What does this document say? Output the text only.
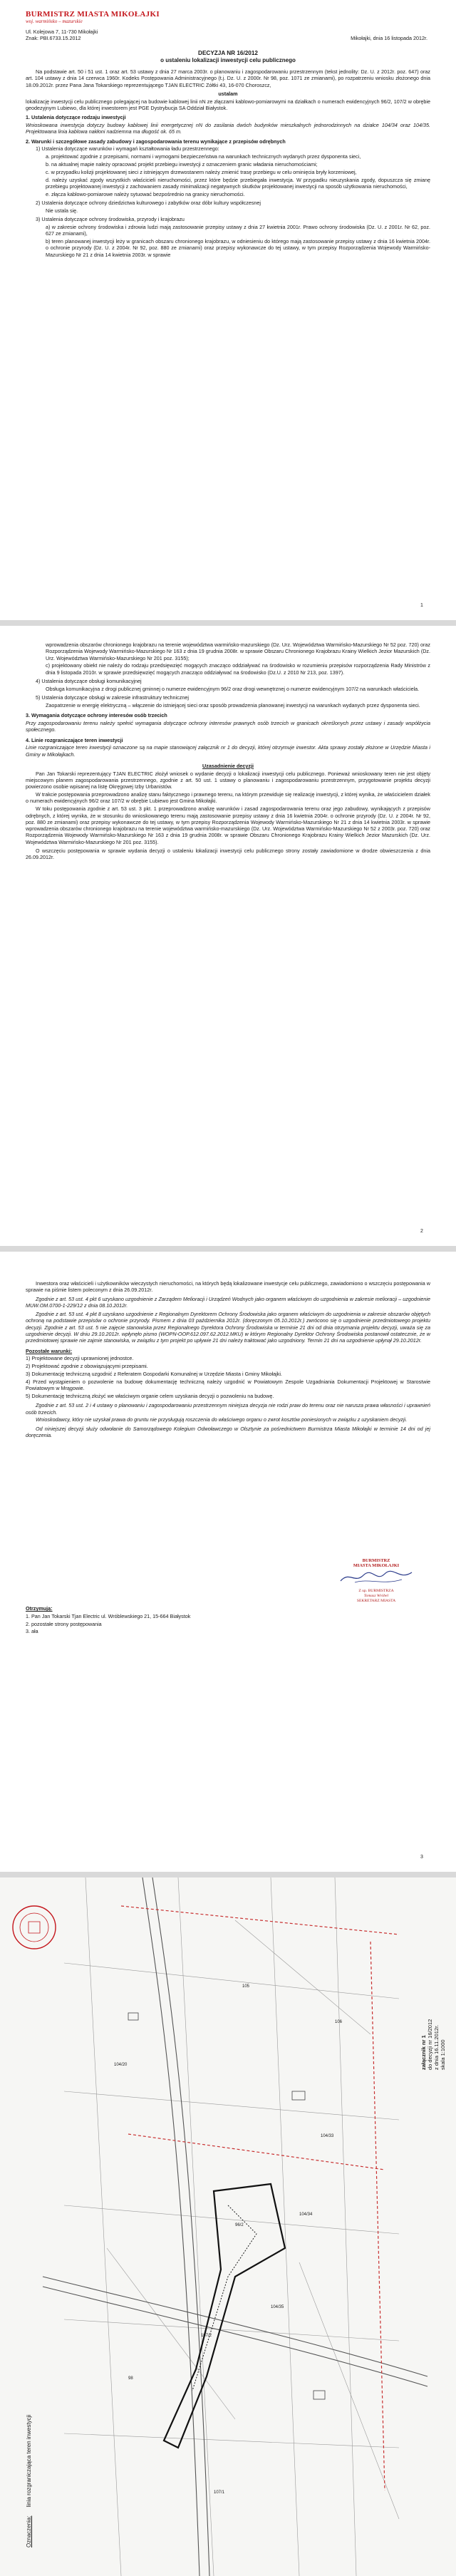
BURMISTRZ MIASTA MIKOŁAJKI
woj. warmińsko – mazurskie
Ul. Kolejowa 7, 11-730 Mikołajki
Znak: PBI.6733.15.2012	Mikołajki, dnia 16 listopada 2012r.
DECYZJA NR 16/2012
o ustaleniu lokalizacji inwestycji celu publicznego

Na podstawie art. 50 i 51 ust. 1 oraz art. 53 ustawy z dnia 27 marca 2003r. o planowaniu i zagospodarowaniu przestrzennym (tekst jednolity: Dz. U. z 2012r. poz. 647) oraz art. 104 ustawy z dnia 14 czerwca 1960r. Kodeks Postępowania Administracyjnego (t.j. Dz. U. z 2000r. Nr 98, poz. 1071 ze zmianami), po rozpatrzeniu wniosku złożonego dnia 18.09.2012r. przez Pana Jana Tokarskiego reprezentującego TJAN ELECTRIC Zółtki 43, 16-070 Choroszcz,

ustalam

lokalizację inwestycji celu publicznego polegającej na budowie kablowej linii nN ze złączami kablowo-pomiarowymi na działkach o numerach ewidencyjnych 96/2, 107/2 w obrębie geodezyjnym Lubiewo, dla której inwestorem jest PGE Dystrybucja SA Oddział Białystok.

1. Ustalenia dotyczące rodzaju inwestycji

Wnioskowana inwestycja dotyczy budowy kablowej linii energetycznej nN do zasilania dwóch budynków mieszkalnych jednorodzinnych na działce 104/34 oraz 104/35. Projektowana linia kablowa nakłoni nadziemna ma długość ok. 65 m.

2. Warunki i szczegółowe zasady zabudowy i zagospodarowania terenu wynikające z przepisów odrębnych

1) Ustalenia dotyczące warunków i wymagań kształtowania ładu przestrzennego:

a. projektować zgodnie z przepisami, normami i wymogami bezpieczeństwa na warunkach technicznych wydanych przez dysponenta sieci,

b. na aktualnej mapie należy opracować projekt przebiegu inwestycji z oznaczeniem granic władania nieruchomościami;

c. w przypadku kolizji projektowanej sieci z istniejącym drzewostanem należy zmienić trasę przebiegu w celu ominięcia bryły korzeniowej,

d. należy uzyskać zgody wszystkich właścicieli nieruchomości, przez które będzie przebiegała inwestycja. W przypadku nieuzyskania zgody, dopuszcza się zmianę przebiegu projektowanej inwestycji z zachowaniem zasady minimalizacji negatywnych skutków projektowanej inwestycji na sposób użytkowania nieruchomości,

e. złącza kablowo-pomiarowe należy sytuować bezpośrednio na granicy nieruchomości.

2) Ustalenia dotyczące ochrony dziedzictwa kulturowego i zabytków oraz dóbr kultury współczesnej

Nie ustala się.

3) Ustalenia dotyczące ochrony środowiska, przyrody i krajobrazu

a) w zakresie ochrony środowiska i zdrowia ludzi mają zastosowanie przepisy ustawy z dnia 27 kwietnia 2001r. Prawo ochrony środowiska (Dz. U. z 2001r. Nr 62, poz. 627 ze zmianami),

b) teren planowanej inwestycji leży w granicach obszaru chronionego krajobrazu, w odniesieniu do którego mają zastosowanie przepisy ustawy z dnia 16 kwietnia 2004r. o ochronie przyrody (Dz. U. z 2004r. Nr 92, poz. 880 ze zmianami) oraz przepisy wykonawcze do tej ustawy, w tym przepisy Rozporządzenia Wojewody Warmińsko-Mazurskiego Nr 21 z dnia 14 kwietnia 2003r. w sprawie

1

wprowadzenia obszarów chronionego krajobrazu na terenie województwa warmińsko-mazurskiego (Dz. Urz. Województwa Warmińsko-Mazurskiego Nr 52 poz. 720) oraz Rozporządzenia Wojewody Warmińsko-Mazurskiego Nr 163 z dnia 19 grudnia 2008r. w sprawie Obszaru Chronionego Krajobrazu Krainy Wielkich Jezior Mazurskich (Dz. Urz. Województwa Warmińsko-Mazurskiego Nr 201 poz. 3155);

c) projektowany obiekt nie należy do rodzaju przedsięwzięć mogących znacząco oddziaływać na środowisko w rozumieniu przepisów rozporządzenia Rady Ministrów z dnia 9 listopada 2010r. w sprawie przedsięwzięć mogących znacząco oddziaływać na środowisko (Dz.U. z 2010 Nr 213, poz. 1397).

4) Ustalenia dotyczące obsługi komunikacyjnej

Obsługa komunikacyjna z drogi publicznej gminnej o numerze ewidencyjnym 96/2 oraz drogi wewnętrznej o numerze ewidencyjnym 107/2 na warunkach właściciela.

5) Ustalenia dotyczące obsługi w zakresie infrastruktury technicznej

Zaopatrzenie w energię elektryczną – włączenie do istniejącej sieci oraz sposób prowadzenia planowanej inwestycji na warunkach wydanych przez dysponenta sieci.

3. Wymagania dotyczące ochrony interesów osób trzecich

Przy zagospodarowaniu terenu należy spełnić wymagania dotyczące ochrony interesów prawnych osób trzecich w granicach określonych przez ustawy i zasady współżycia społecznego.

4. Linie rozgraniczające teren inwestycji

Linie rozgraniczające teren inwestycji oznaczone są na mapie stanowiącej załącznik nr 1 do decyzji, której otrzymuje inwestor. Akta sprawy zostały złożone w Urzędzie Miasta i Gminy w Mikołajkach.

Uzasadnienie decyzji

Pan Jan Tokarski reprezentujący TJAN ELECTRIC złożył wniosek o wydanie decyzji o lokalizacji inwestycji celu publicznego. Ponieważ wnioskowany teren nie jest objęty miejscowym planem zagospodarowania przestrzennego, zgodnie z art. 50 ust. 1 ustawy o planowaniu i zagospodarowaniu przestrzennym, przygotowanie projektu decyzji powierzono osobie wpisanej na listę Okręgowej Izby Urbanistów.

W trakcie postępowania przeprowadzono analizę stanu faktycznego i prawnego terenu, na którym przewiduje się realizację inwestycji, z której wynika, że właścicielem działek o numerach ewidencyjnych 96/2 oraz 107/2 w obrębie Lubiewo jest Gmina Mikołajki.

W toku postępowania zgodnie z art. 53 ust. 3 pkt. 1 przeprowadzono analizę warunków i zasad zagospodarowania terenu oraz jego zabudowy, wynikających z przepisów odrębnych, z której wynika, że w stosunku do wnioskowanego terenu mają zastosowanie przepisy ustawy z dnia 16 kwietnia 2004r. o ochronie przyrody (Dz. U. z 2004r. Nr 92, poz. 880 ze zmianami) oraz przepisy wykonawcze do tej ustawy, w tym przepisy Rozporządzenia Wojewody Warmińsko-Mazurskiego Nr 21 z dnia 14 kwietnia 2003r. w sprawie wprowadzenia obszarów chronionego krajobrazu na terenie województwa warmińsko-mazurskiego (Dz. Urz. Województwa Warmińsko-Mazurskiego Nr 52 z 2003r. poz. 720) oraz Rozporządzenia Wojewody Warmińsko-Mazurskiego Nr 163 z dnia 19 grudnia 2008r. w sprawie Obszaru Chronionego Krajobrazu Krainy Wielkich Jezior Mazurskich (Dz. Urz. Województwa Warmińsko-Mazurskiego Nr 201 poz. 3155).

O wszczęciu postępowania w sprawie wydania decyzji o ustaleniu lokalizacji inwestycji celu publicznego strony zostały zawiadomione w drodze obwieszczenia z dnia 26.09.2012r.

2

Inwestora oraz właścicieli i użytkowników wieczystych nieruchomości, na których będą lokalizowane inwestycje celu publicznego, zawiadomiono o wszczęciu postępowania w sprawie na piśmie listem poleconym z dnia 26.09.2012r.

Zgodnie z art. 53 ust. 4 pkt 6 uzyskano uzgodnienie z Zarządem Melioracji i Urządzeń Wodnych jako organem właściwym do uzgodnienia w zakresie melioracji – uzgodnienie MUW.OM.0700-1-229/12 z dnia 08.10.2012r.

Zgodnie z art. 53 ust. 4 pkt 8 uzyskano uzgodnienie z Regionalnym Dyrektorem Ochrony Środowiska jako organem właściwym do uzgodnienia w zakresie obszarów objętych ochroną na podstawie przepisów o ochronie przyrody. Pismem z dnia 03 października 2012r. (doręczonym 05.10.2012r.) zwrócono się o uzgodnienie przedmiotowego projektu decyzji. Zgodnie z art. 53 ust. 5 nie zajęcie stanowiska przez Regionalnego Dyrektora Ochrony Środowiska w terminie 21 dni od dnia otrzymania projektu decyzji, uważa się za uzgodnienie decyzji. W dniu 29.10.2012r. wpłynęło pismo (WOPN-OOP.612.097.62.2012.MKU) w którym Regionalny Dyrektor Ochrony Środowiska postanowił ostatecznie, że w przedmiotowej sprawie nie zajmie stanowiska, w związku z tym projekt po upływie 21 dni należy traktować jako uzgodniony. Termin 21 dni na uzgodnienie upłynął 29.10.2012r.

Pozostałe warunki:

1) Projektowane decyzji uprawnionej jednostce.

2) Projektować zgodnie z obowiązującymi przepisami.

3) Dokumentację techniczną uzgodnić z Referatem Gospodarki Komunalnej w Urzędzie Miasta i Gminy Mikołajki.

4) Przed wystąpieniem o pozwolenie na budowę dokumentację techniczną należy uzgodnić w Powiatowym Zespole Uzgadniania Dokumentacji Projektowej w Starostwie Powiatowym w Mrągowie.

5) Dokumentację techniczną złożyć we właściwym organie celem uzyskania decyzji o pozwoleniu na budowę.

Zgodnie z art. 53 ust. 2 i 4 ustawy o planowaniu i zagospodarowaniu przestrzennym niniejsza decyzja nie rodzi praw do terenu oraz nie narusza prawa własności i uprawnień osób trzecich.

Wnioskodawcy, który nie uzyskał prawa do gruntu nie przysługują roszczenia do właściwego organu o zwrot kosztów poniesionych w związku z uzyskaniem decyzji.

Od niniejszej decyzji służy odwołanie do Samorządowego Kolegium Odwoławczego w Olsztynie za pośrednictwem Burmistrza Miasta Mikołajki w terminie 14 dni od jej doręczenia.

Otrzymują:

1. Pan Jan Tokarski Tjan Electric ul. Wróblewskiego 21, 15-664 Białystok

2. pozostałe strony postępowania

3. ała

BURMISTRZ
MIASTA MIKOŁAJKI
Z up. BURMISTRZA
Tomasz Wróbel
SEKRETARZ MIASTA
3
96/2
107/2
104/34
104/35
104/20
106
98
107/1
104/33
105
Oznaczenia: linia rozgraniczająca teren inwestycji
załącznik nr 1 do decyzji nr 16/2012 z dnia 16.11.2012r. skala 1:1000
